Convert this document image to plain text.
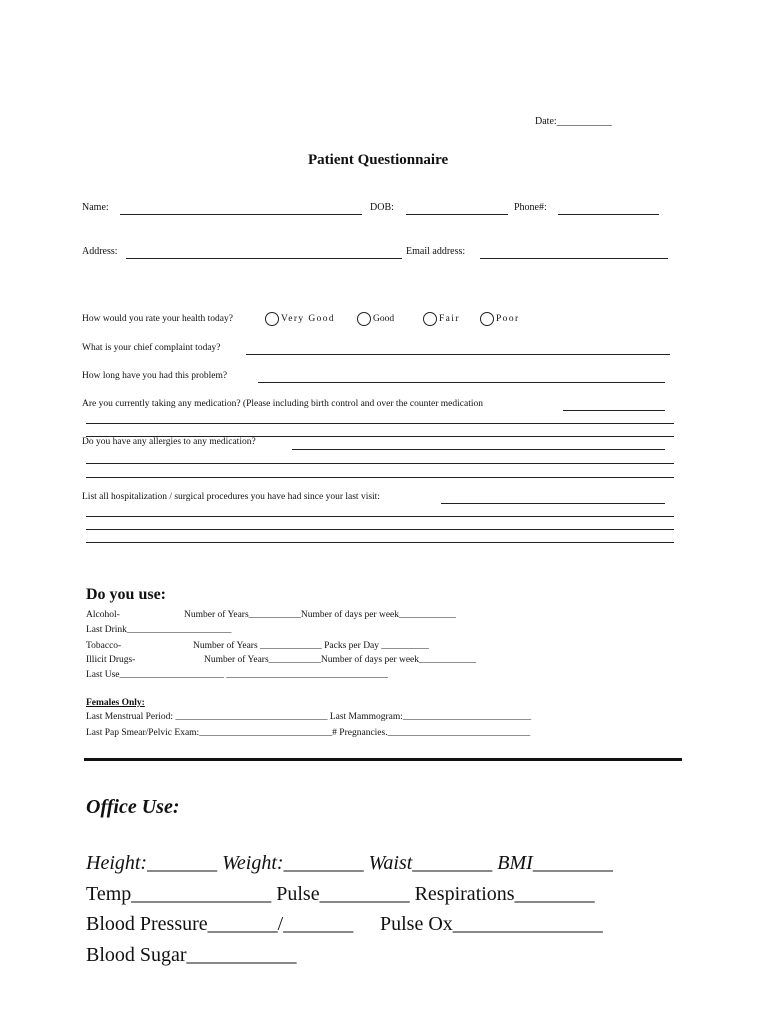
Date:___________
Patient Questionnaire
Name:	DOB:	Phone#:
Address:	Email address:
How would you rate your health today?	Very Good	Good	Fair	Poor
What is your chief complaint today?
How long have you had this problem?
Are you currently taking any medication? (Please including birth control and over the counter medication
Do you have any allergies to any medication?
List all hospitalization / surgical procedures you have had since your last visit:
Do you use:
Alcohol-	Number of Years___________Number of days per week____________
Last Drink______________________
Tobacco-	Number of Years _____________ Packs per Day __________
Illicit Drugs-	Number of Years___________Number of days per week____________
Last Use______________________ __________________________________
Females Only:
Last Menstrual Period: ________________________________ Last Mammogram:___________________________
Last Pap Smear/Pelvic Exam:____________________________# Pregnancies.______________________________
Office Use:
Height:_______ Weight:________ Waist________ BMI________
Temp______________ Pulse_________ Respirations________
Blood Pressure_______/_______ Pulse Ox_______________
Blood Sugar___________
